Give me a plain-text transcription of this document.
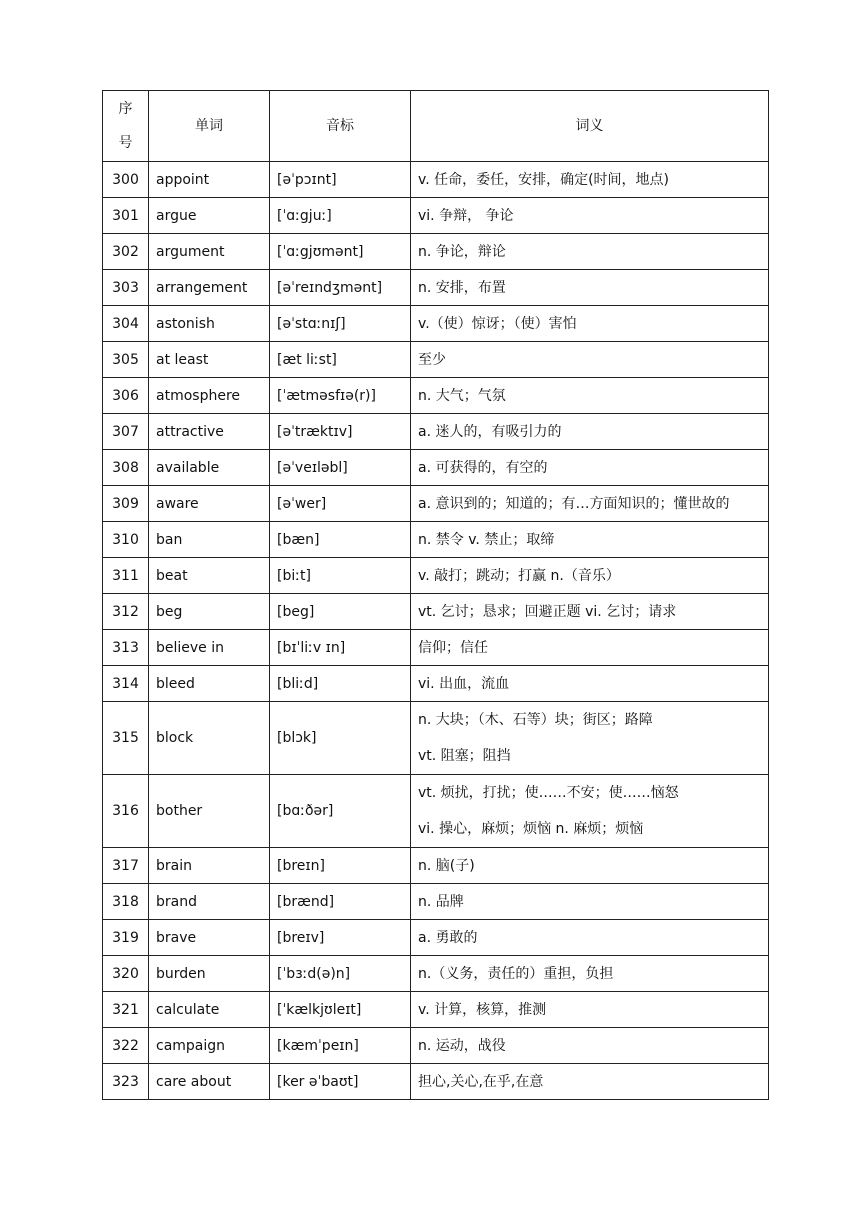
序
号	单词	音标	词义
300	appoint	[əˈpɔɪnt]	v. 任命，委任，安排，确定(时间，地点)
301	argue	[ˈɑːgjuː]	vi. 争辩， 争论
302	argument	[ˈɑːgjʊmənt]	n. 争论，辩论
303	arrangement	[əˈreɪndʒmənt]	n. 安排，布置
304	astonish	[əˈstɑːnɪʃ]	v.（使）惊讶；（使）害怕
305	at least	[æt liːst]	至少
306	atmosphere	[ˈætməsfɪə(r)]	n. 大气；气氛
307	attractive	[əˈtræktɪv]	a. 迷人的，有吸引力的
308	available	[əˈveɪləbl]	a. 可获得的，有空的
309	aware	[əˈwer]	a. 意识到的；知道的；有…方面知识的；懂世故的
310	ban	[bæn]	n. 禁令 v. 禁止；取缔
311	beat	[biːt]	v. 敲打；跳动；打赢 n.（音乐）
312	beg	[beg]	vt. 乞讨；恳求；回避正题 vi. 乞讨；请求
313	believe in	[bɪˈliːv ɪn]	信仰；信任
314	bleed	[bliːd]	vi. 出血，流血
315	block	[blɔk]	n. 大块；（木、石等）块；街区；路障
vt. 阻塞；阻挡

316	bother	[bɑːðər]	vt. 烦扰，打扰；使……不安；使……恼怒
vi. 操心，麻烦；烦恼 n. 麻烦；烦恼

317	brain	[breɪn]	n. 脑(子)
318	brand	[brænd]	n. 品牌
319	brave	[breɪv]	a. 勇敢的
320	burden	[ˈbɜːd(ə)n]	n.（义务，责任的）重担，负担
321	calculate	[ˈkælkjʊleɪt]	v. 计算，核算，推测
322	campaign	[kæmˈpeɪn]	n. 运动，战役
323	care about	[ker əˈbaʊt]	担心,关心,在乎,在意
